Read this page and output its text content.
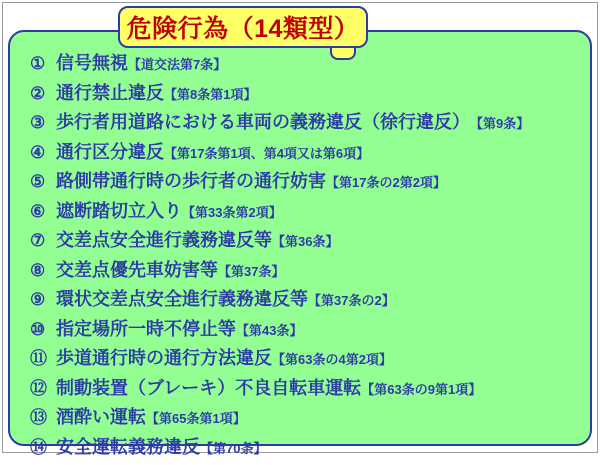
危険行為（14類型）
① 信号無視 【道交法第7条】
② 通行禁止違反 【第8条第1項】
③ 歩行者用道路における車両の義務違反（徐行違反） 【第9条】
④ 通行区分違反 【第17条第1項、第4項又は第6項】
⑤ 路側帯通行時の歩行者の通行妨害 【第17条の2第2項】
⑥ 遮断踏切立入り 【第33条第2項】
⑦ 交差点安全進行義務違反等 【第36条】
⑧ 交差点優先車妨害等 【第37条】
⑨ 環状交差点安全進行義務違反等 【第37条の2】
⑩ 指定場所一時不停止等 【第43条】
⑪ 歩道通行時の通行方法違反 【第63条の4第2項】
⑫ 制動装置（ブレーキ）不良自転車運転 【第63条の9第1項】
⑬ 酒酔い運転 【第65条第1項】
⑭ 安全運転義務違反 【第70条】
